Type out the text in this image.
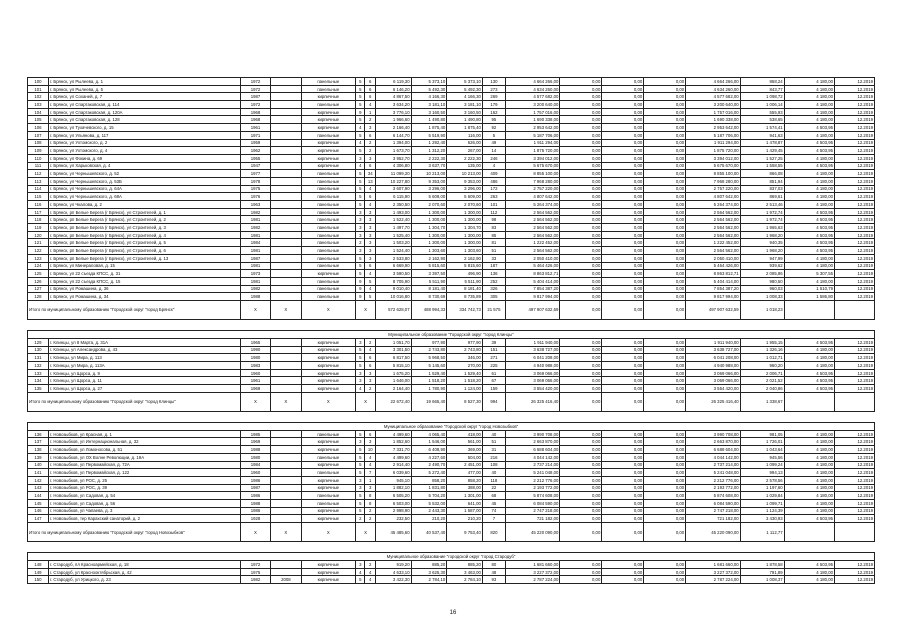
100	г. Брянск, ул Рылеева, д. 1	1972		панельные	5	6	6 119,30	5 373,10	5 373,10	130	4 664 266,00	0,00	0,00	0,00	4 664 266,00	868,24	4 180,00	12.2019
101	г. Брянск, ул Рылеева, д. 5	1972		панельные	5	6	6 146,20	5 492,30	5 492,30	273	4 634 260,00	0,00	0,00	0,00	4 634 260,00	843,77	4 180,00	12.2019
102	г. Брянск, ул Соханей, д. 7	1987		кирпичные	5	6	4 867,50	4 166,30	4 166,30	269	4 577 682,00	0,00	0,00	0,00	4 577 682,00	1 098,72	4 180,00	12.2019
103	г. Брянск, ул Спартаковская, д. 114	1972		панельные	5	4	3 634,20	3 181,10	3 181,10	179	3 200 640,00	0,00	0,00	0,00	3 200 640,00	1 006,14	4 180,00	12.2019
104	г. Брянск, ул Спартаковская, д. 120А	1968		кирпичные	9	1	3 776,10	3 160,50	3 160,50	162	1 757 016,00	0,00	0,00	0,00	1 757 016,00	555,93	4 180,00	12.2019
105	г. Брянск, ул Спартаковская, д. 128	1968		кирпичные	5	2	1 966,60	1 490,80	1 490,80	95	1 690 338,00	0,00	0,00	0,00	1 690 338,00	538,65	4 180,00	12.2019
106	г. Брянск, ул Тухачевского, д. 15	1961		кирпичные	4	3	2 166,40	1 875,40	1 875,40	92	2 953 642,00	0,00	0,00	0,00	2 953 642,00	1 574,41	4 503,95	12.2019
107	г. Брянск, ул Ульянова, д. 117	1971		панельные	5	6	6 144,70	5 519,90	116,00	5	5 187 706,00	0,00	0,00	0,00	5 187 706,00	941,63	4 180,00	12.2019
108	г. Брянск, ул Ухтомского, д. 2	1959		кирпичные	4	2	1 394,00	1 292,40	626,00	49	1 911 294,00	0,00	0,00	0,00	1 911 294,00	1 478,87	4 503,95	12.2019
109	г. Брянск, ул Ухтомского, д. 4	1962		кирпичные	5	2	1 673,70	1 312,20	267,00	14	1 875 720,00	0,00	0,00	0,00	1 875 720,00	1 429,45	4 503,95	12.2019
110	г. Брянск, ул Фокина, д. 69	1955		кирпичные	3	3	3 952,70	2 222,30	2 222,30	246	3 394 012,00	0,00	0,00	0,00	3 394 012,00	1 527,25	4 180,00	12.2019
111	г. Брянск, ул Харьковская, д. 4	1947		кирпичные	4	6	4 306,80	3 637,70	135,00	4	5 675 670,00	0,00	0,00	0,00	5 675 670,00	1 558,55	4 503,95	12.2019
112	г. Брянск, ул Чернышевского, д. 52	1977		панельные	5	34	11 099,20	10 213,00	10 213,00	409	8 855 100,00	0,00	0,00	0,00	8 855 100,00	866,08	4 180,00	12.2019
113	г. Брянск, ул Чернышевского, д. 53Б	1978		панельные	5	13	10 227,80	9 353,00	9 353,00	486	7 968 280,00	0,00	0,00	0,00	7 968 280,00	851,94	4 180,00	12.2019
114	г. Брянск, ул Чернышевского, д. 64А	1975		панельные	5	4	3 607,90	3 296,00	3 296,00	172	2 757 220,00	0,00	0,00	0,00	2 757 220,00	837,03	4 180,00	12.2019
115	г. Брянск, ул Чернышевского, д. 68А	1976		панельные	5	6	6 115,90	5 609,00	5 609,00	263	4 807 642,00	0,00	0,00	0,00	4 807 642,00	869,61	4 180,00	12.2019
116	г. Брянск, ул Чкалова, д. 2	1963		панельные	5	4	2 350,50	2 070,60	2 070,60	101	5 264 374,00	0,00	0,00	0,00	5 264 374,00	2 513,46	4 180,00	12.2019
117	г. Брянск, рп Белые Берега (г Брянск), ул Строителей, д. 1	1982		панельные	3	3	1 493,00	1 300,00	1 300,00	112	2 564 562,00	0,00	0,00	0,00	2 564 562,00	1 972,74	4 503,95	12.2019
118	г. Брянск, рп Белые Берега (г Брянск), ул Строителей, д. 2	1981		панельные	3	3	1 522,40	1 300,00	1 300,00	98	2 564 562,00	0,00	0,00	0,00	2 564 562,00	1 972,74	4 503,95	12.2019
119	г. Брянск, рп Белые Берега (г Брянск), ул Строителей, д. 3	1982		панельные	3	3	1 497,70	1 304,70	1 304,70	83	2 564 562,00	0,00	0,00	0,00	2 564 562,00	1 965,63	4 503,95	12.2019
120	г. Брянск, рп Белые Берега (г Брянск), ул Строителей, д. 4	1981		панельные	3	3	1 525,40	1 300,00	1 300,00	85	2 564 562,00	0,00	0,00	0,00	2 564 562,00	1 968,20	4 503,95	12.2019
121	г. Брянск, рп Белые Берега (г Брянск), ул Строителей, д. 5	1984		панельные	2	3	1 503,20	1 300,00	1 300,00	81	1 222 452,00	0,00	0,00	0,00	1 222 452,00	940,35	4 503,95	12.2019
122	г. Брянск, рп Белые Берега (г Брянск), ул Строителей, д. 6	1981		панельные	3	3	1 524,40	1 303,60	1 303,60	51	2 564 562,00	0,00	0,00	0,00	2 564 562,00	1 968,20	4 503,95	12.2019
123	г. Брянск, рп Белые Берега (г Брянск), ул Строителей, д. 13	1987		панельные	5	3	2 533,80	2 162,90	2 162,90	33	2 050 410,00	0,00	0,00	0,00	2 050 410,00	947,99	4 180,00	12.2019
124	г. Брянск, ул Минераловая, д. 15	1981		панельные	5	6	6 669,90	5 815,60	5 815,60	187	5 464 426,00	0,00	0,00	0,00	5 464 426,00	939,62	4 180,00	12.2019
125	г. Брянск, ул 22 съезда КПСС, д. 31	1973		кирпичные	5	4	3 590,50	3 397,50	496,90	136	8 863 812,71	0,00	0,00	0,00	8 863 812,71	2 085,86	5 307,55	12.2019
126	г. Брянск, ул 22 съезда КПСС, д. 15	1981		панельные	9	5	8 705,90	5 511,90	5 511,90	252	5 404 414,00	0,00	0,00	0,00	5 404 414,00	980,50	4 180,00	12.2019
127	г. Брянск, ул Ромашина, д. 36	1982		панельные	9	4	9 010,40	8 181,40	8 181,40	326	7 854 387,20	0,00	0,00	0,00	7 854 387,20	960,03	1 510,79	12.2019
128	г. Брянск, ул Ромашина, д. 34	1988		панельные	9	5	10 016,80	8 730,69	8 735,89	305	9 817 994,00	0,00	0,00	0,00	9 817 994,00	1 008,33	1 586,80	12.2019
Итого по муниципальному образованию "Городской округ "город Брянск"		X	X	X	X		572 628,07	488 994,33	334 742,73	21 575	497 907 632,59	0,00	0,00	0,00	497 907 632,59	1 018,23		

Муниципальное образование "Городской округ "город Клинцы"																		
129	г. Клинцы, ул 8 Марта, д. 31А	1965		кирпичные	3	2	1 051,70	977,90	977,90	39	1 911 940,00	0,00	0,00	0,00	1 911 940,00	1 955,15	4 503,95	12.2019
130	г. Клинцы, ул Александрова, д. 43	1990		кирпичные	5	4	3 301,50	2 743,80	2 743,80	151	3 638 727,00	0,00	0,00	0,00	3 638 727,00	1 326,16	4 180,00	12.2019
131	г. Клинцы, ул Мира, д. 113	1980		кирпичные	5	6	6 817,50	5 968,50	346,00	271	6 041 208,00	0,00	0,00	0,00	6 041 208,00	1 012,71	4 180,00	12.2019
132	г. Клинцы, ул Мира, д. 113А	1983		кирпичные	5	6	5 815,10	5 145,60	270,00	225	4 940 988,00	0,00	0,00	0,00	4 940 988,00	960,20	4 180,00	12.2019
133	г. Клинцы, ул Щорса, д. 9	1960		кирпичные	3	3	1 675,20	1 529,40	1 529,40	61	3 069 066,00	0,00	0,00	0,00	3 069 066,00	2 006,71	4 503,95	12.2019
134	г. Клинцы, ул Щорса, д. 11	1961		кирпичные	3	3	1 646,00	1 518,20	1 518,20	67	3 069 066,00	0,00	0,00	0,00	3 069 066,00	2 021,52	4 503,95	12.2019
135	г. Клинцы, ул Щорса, д. 27	1969		кирпичные	4	2	2 164,40	1 780,90	1 124,00	159	3 554 420,00	0,00	0,00	0,00	3 554 420,00	2 040,86	4 503,95	12.2019
Итого по муниципальному образованию "Городской округ "город Клинцы"		X	X	X	X		22 672,40	19 665,40	8 527,30	994	26 325 416,40	0,00	0,00	0,00	26 325 416,40	1 338,67		

Муниципальное образование "Городской округ "город Новозыбков"																		
136	г. Новозыбков, ул Красная, д. 1	1985		панельные	5	6	4 499,60	4 065,40	418,00	40	3 990 708,00	0,00	0,00	0,00	3 990 708,00	981,05	4 180,00	12.2019
137	г. Новозыбков, ул Интернациональная, д. 32	1969		кирпичные	3	3	1 852,60	1 546,00	561,00	51	2 663 870,00	0,00	0,00	0,00	2 663 870,00	1 726,01	4 180,00	12.2019
138	г. Новозыбков, ул Ломоносова, д. 51	1988		кирпичные	5	10	7 331,70	6 408,90	369,00	31	6 688 604,00	0,00	0,00	0,00	6 688 604,00	1 043,64	4 180,00	12.2019
139	г. Новозыбков, ул ОХ Волне Революции, д. 19А	1980		панельные	5	4	4 499,60	4 227,60	504,00	216	4 044 142,00	0,00	0,00	0,00	4 044 142,00	945,56	4 180,00	12.2019
140	г. Новозыбков, ул Первомайская, д. 72А	1984		кирпичные	5	4	2 914,40	2 490,70	2 451,00	108	2 737 214,00	0,00	0,00	0,00	2 737 214,00	1 099,24	4 180,00	12.2019
141	г. Новозыбков, ул Первомайская, д. 122	1960		панельные	5	7	6 039,60	5 272,40	477,00	40	5 241 048,00	0,00	0,00	0,00	5 241 048,00	994,13	4 180,00	12.2019
142	г. Новозыбков, ул РОС, д. 25	1986		кирпичные	3	1	945,10	858,20	858,20	118	2 212 776,00	0,00	0,00	0,00	2 212 776,00	2 578,56	4 180,00	12.2019
143	г. Новозыбков, ул РОС, д. 39	1987		кирпичные	3	3	1 882,10	1 831,80	388,00	22	2 193 772,00	0,00	0,00	0,00	2 193 772,00	1 197,60	4 180,00	12.2019
144	г. Новозыбков, ул Садовая, д. 54	1986		панельные	5	8	6 505,20	5 704,20	1 301,00	68	5 874 608,00	0,00	0,00	0,00	5 874 608,00	1 029,84	4 180,00	12.2019
145	г. Новозыбков, ул Садовая, д. 56	1988		панельные	5	8	6 503,00	5 532,00	641,00	45	6 084 590,00	0,00	0,00	0,00	6 084 590,00	1 099,71	4 180,00	12.2019
146	г. Новозыбков, ул Чапаева, д. 3	1986		кирпичные	5	2	2 998,90	2 443,30	1 587,00	74	2 747 218,00	0,00	0,00	0,00	2 747 218,00	1 124,39	4 180,00	12.2019
147	г. Новозыбков, тер Карахский санаторий, д. 2	1928		кирпичные	2	2	232,50	210,20	210,20	7	721 182,00	0,00	0,00	0,00	721 182,00	3 430,93	4 503,95	12.2019
Итого по муниципальному образованию "Городской округ "город Новозыбков"		X	X	X	X		45 485,60	40 537,40	9 753,40	820	45 220 090,00	0,00	0,00	0,00	45 220 090,00	1 112,77		

Муниципальное образование "городской округ "город Стародуб"																		
148	г. Стародуб, пл Красноармейская, д. 18	1972		кирпичные	3	2	919,20	885,20	885,20	80	1 681 660,00	0,00	0,00	0,00	1 681 660,00	1 878,58	4 503,95	12.2019
149	г. Стародуб, ул Краснооктябрьская, д. 42	1975		кирпичные	4	4	4 633,10	3 625,30	3 463,00	48	3 227 372,00	0,00	0,00	0,00	3 227 372,00	791,89	4 180,00	12.2019
150	г. Стародуб, ул Урицкого, д. 23	1982	2008	кирпичные	5	4	3 422,30	2 784,10	2 784,10	93	2 787 224,00	0,00	0,00	0,00	2 787 224,00	1 008,37	4 180,00	12.2019
16
